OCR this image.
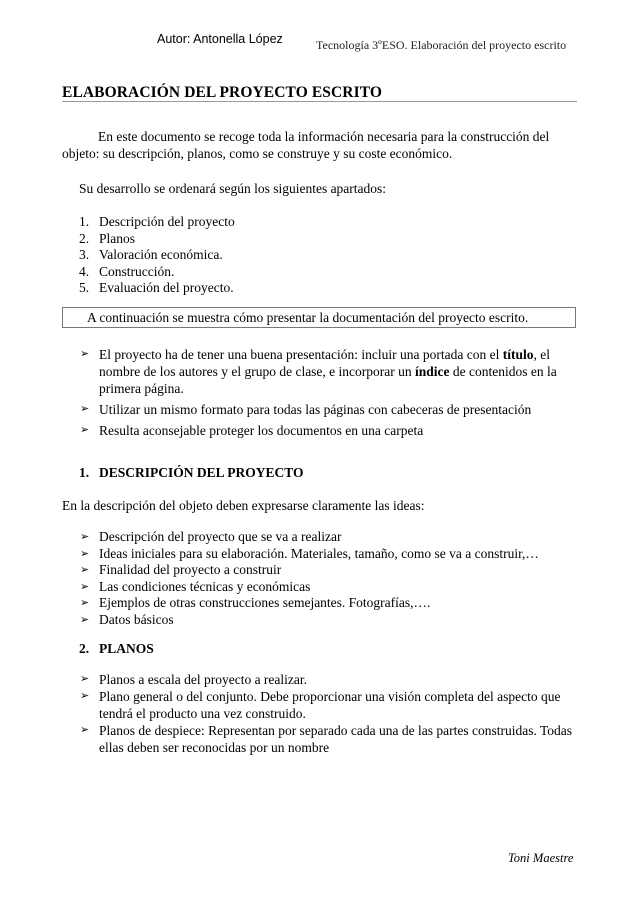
Autor: Antonella López	Tecnología 3ºESO. Elaboración del proyecto escrito
ELABORACIÓN DEL PROYECTO ESCRITO
En este documento se recoge toda la información necesaria para la construcción del objeto: su descripción, planos, como se construye y su coste económico.
Su desarrollo se ordenará según los siguientes apartados:
1. Descripción del proyecto
2. Planos
3. Valoración económica.
4. Construcción.
5. Evaluación del proyecto.
A continuación se muestra cómo presentar la documentación del proyecto escrito.
➢ El proyecto ha de tener una buena presentación: incluir una portada con el título, el nombre de los autores y el grupo de clase, e incorporar un índice de contenidos en la primera página.
➢ Utilizar un mismo formato para todas las páginas con cabeceras de presentación
➢ Resulta aconsejable proteger los documentos en una carpeta
1. DESCRIPCIÓN DEL PROYECTO
En la descripción del objeto deben expresarse claramente las ideas:
➢ Descripción del proyecto que se va a realizar
➢ Ideas iniciales para su elaboración. Materiales, tamaño, como se va a construir,…
➢ Finalidad del proyecto a construir
➢ Las condiciones técnicas y económicas
➢ Ejemplos de otras construcciones semejantes. Fotografías,….
➢ Datos básicos
2. PLANOS
➢ Planos a escala del proyecto a realizar.
➢ Plano general o del conjunto. Debe proporcionar una visión completa del aspecto que tendrá el producto una vez construido.
➢ Planos de despiece: Representan por separado cada una de las partes construidas. Todas ellas deben ser reconocidas por un nombre
Toni Maestre
